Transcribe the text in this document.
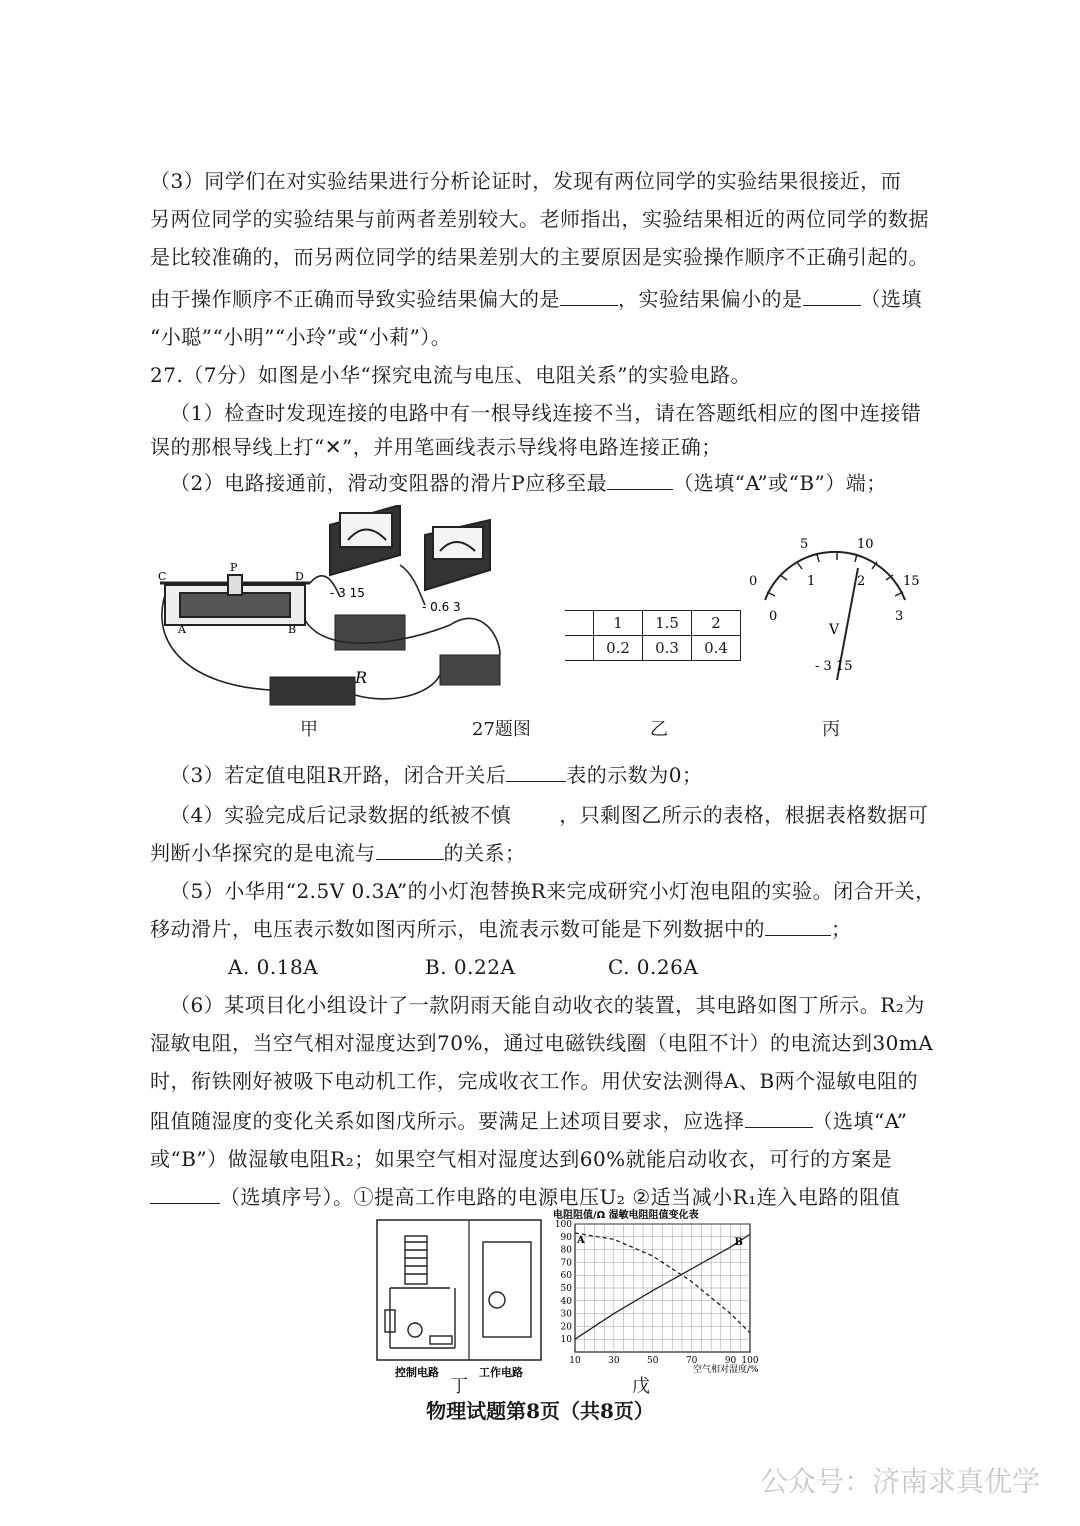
（3）同学们在对实验结果进行分析论证时，发现有两位同学的实验结果很接近，而
另两位同学的实验结果与前两者差别较大。老师指出，实验结果相近的两位同学的数据
是比较准确的，而另两位同学的结果差别大的主要原因是实验操作顺序不正确引起的。
由于操作顺序不正确而导致实验结果偏大的是	，实验结果偏小的是	（选填
“小聪”“小明”“小玲”或“小莉”）。
27.（7分）如图是小华“探究电流与电压、电阻关系”的实验电路。
（1）检查时发现连接的电路中有一根导线连接不当，请在答题纸相应的图中连接错
误的那根导线上打“✕”，并用笔画线表示导线将电路连接正确；
（2）电路接通前，滑动变阻器的滑片P应移至最	（选填“A”或“B”）端；
C
P
D
A	B
- 3 15
- 0.6 3
R
甲	27题图
	1	1.5	2
	0.2	0.3	0.4
乙
5	10
0	1	2	15
0	3
V
- 3 15
丙
（3）若定值电阻R开路，闭合开关后	表的示数为0；
（4）实验完成后记录数据的纸被不慎 ，只剩图乙所示的表格，根据表格数据可
判断小华探究的是电流与	的关系；
（5）小华用“2.5V 0.3A”的小灯泡替换R来完成研究小灯泡电阻的实验。闭合开关，
移动滑片，电压表示数如图丙所示，电流表示数可能是下列数据中的	；
A. 0.18A	B. 0.22A	C. 0.26A
（6）某项目化小组设计了一款阴雨天能自动收衣的装置，其电路如图丁所示。R₂为
湿敏电阻，当空气相对湿度达到70%，通过电磁铁线圈（电阻不计）的电流达到30mA
时，衔铁刚好被吸下电动机工作，完成收衣工作。用伏安法测得A、B两个湿敏电阻的
阻值随湿度的变化关系如图戊所示。要满足上述项目要求，应选择	（选填“A”
或“B”）做湿敏电阻R₂；如果空气相对湿度达到60%就能启动收衣，可行的方案是
（选填序号）。①提高工作电路的电源电压U₂ ②适当减小R₁连入电路的阻值
控制电路	工作电路
丁
电阻阻值/Ω 湿敏电阻阻值变化表
10
20
30
40
50
60
70
80
90
100
10	30	50	70	90 100
A	B
空气相对湿度/%
戊
物理试题第8页（共8页）
公众号：济南求真优学
